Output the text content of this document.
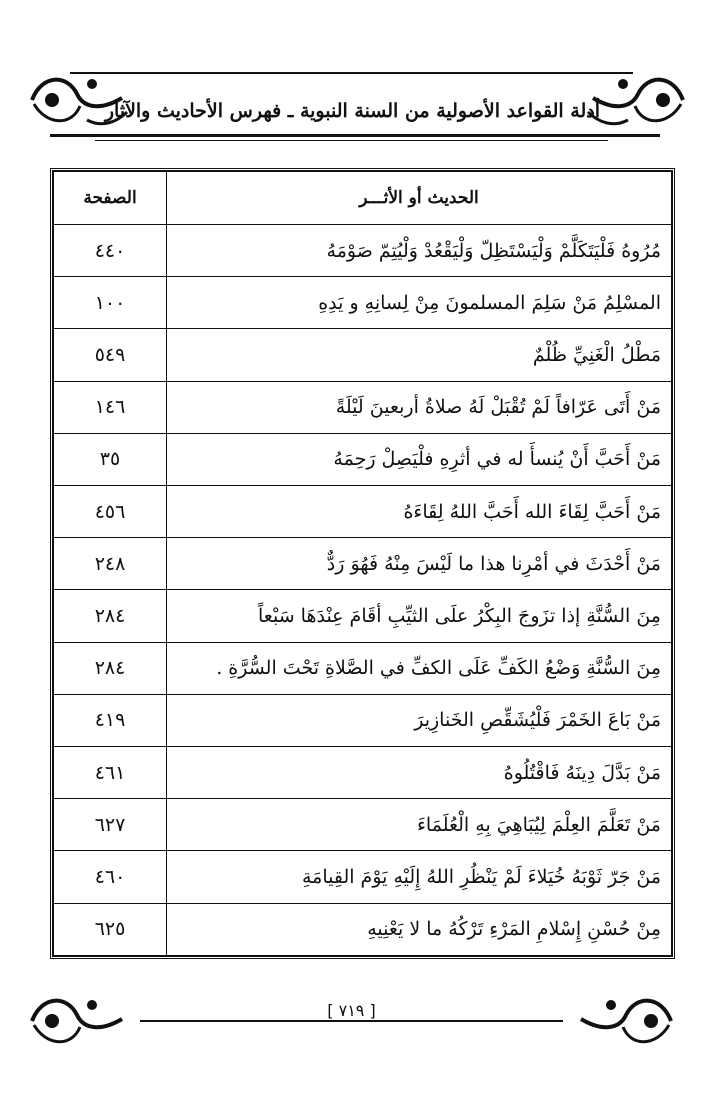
أدلة القواعد الأصولية من السنة النبوية ـ فهرس الأحاديث والآثار
الحديث أو الأثـــر	الصفحة
مُرُوهُ فَلْيَتَكَلَّمْ وَلْيَسْتَظِلّ وَلْيَقْعُدْ وَلْيُتِمّ صَوْمَهُ	٤٤٠
المسْلِمُ مَنْ سَلِمَ المسلمونَ مِنْ لِسانِهِ و يَدِهِ	١٠٠
مَطْلُ الْغَنِيِّ ظُلْمٌ	٥٤٩
مَنْ أَتَى عَرّافاً لَمْ تُقْبَلْ لَهُ صلاةُ أربعينَ لَيْلَةً	١٤٦
مَنْ أَحَبَّ أَنْ يُنسأَ له في أثرِهِ فلْيَصِلْ رَحِمَهُ	٣٥
مَنْ أَحَبَّ لِقَاءَ الله أَحَبَّ اللهُ لِقَاءَهُ	٤٥٦
مَنْ أَحْدَثَ في أمْرِنا هذا ما لَيْسَ مِنْهُ فَهُوَ رَدٌّ	٢٤٨
مِنَ السُّنَّةِ إذا تزَوجَ البِكْرُ علَى الثيِّبِ أقَامَ عِنْدَهَا سَبْعاً	٢٨٤
مِنَ السُّنَّةِ وَضْعُ الكَفِّ عَلَى الكفِّ في الصَّلاةِ تَحْتَ السُّرَّةِ .	٢٨٤
مَنْ بَاعَ الخَمْرَ فَلْيُشَقِّصِ الخَنازِيرَ	٤١٩
مَنْ بَدَّلَ دِينَهُ فَاقْتُلُوهُ	٤٦١
مَنْ تَعَلَّمَ العِلْمَ لِيُبَاهِيَ بِهِ الْعُلَمَاءَ	٦٢٧
مَنْ جَرّ ثَوْبَهُ خُيَلاءَ لَمْ يَنْظُرِ اللهُ إِلَيْهِ يَوْمَ القِيامَةِ	٤٦٠
مِنْ حُسْنِ إِسْلامِ المَرْءِ تَرْكُهُ ما لا يَعْنِيهِ	٦٢٥
[ ٧١٩ ]
